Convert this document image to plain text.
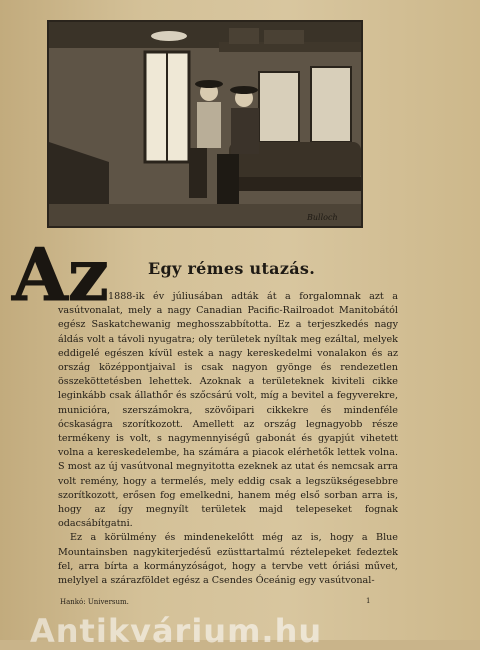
Bulloch
Az Egy rémes utazás.

1888-ik év júliusában adták át a forgalomnak azt a vasútvonalat, mely a nagy Canadian Pacific-Railroadot Manitobától egész Saskatchewanig meghosszabbította. Ez a terjeszkedés nagy áldás volt a távoli nyugatra; oly területek nyíltak meg ezáltal, melyek eddigelé egészen kívül estek a nagy kereskedelmi vonalakon és az ország középpontjaival is csak nagyon gyönge és rendezetlen összeköttetésben lehettek. Azoknak a területeknek kiviteli cikke leginkább csak állathőr és szőcsárú volt, míg a bevitel a fegyverekre, municióra, szerszámokra, szövőipari cikkekre és mindenféle ócskaságra szorítkozott. Amellett az ország legnagyobb része termékeny is volt, s nagymennyiségű gabonát és gyapjút vihetett volna a kereskedelembe, ha számára a piacok elérhetők lettek volna. S most az új vasútvonal megnyitotta ezeknek az utat és nemcsak arra volt remény, hogy a termelés, mely eddig csak a legszükségesebbre szorítkozott, erősen fog emelkedni, hanem még első sorban arra is, hogy az így megnyílt területek majd telepeseket fognak odacsábítgatni.

Ez a körülmény és mindenekelőtt még az is, hogy a Blue Mountainsben nagykiterjedésű ezüsttartalmú réztelepeket fedeztek fel, arra bírta a kormányzóságot, hogy a tervbe vett óriási művet, melylyel a szárazföldet egész a Csendes Óceánig egy vasútvonal-

Hankó: Universum.	1
Antikvárium.hu
